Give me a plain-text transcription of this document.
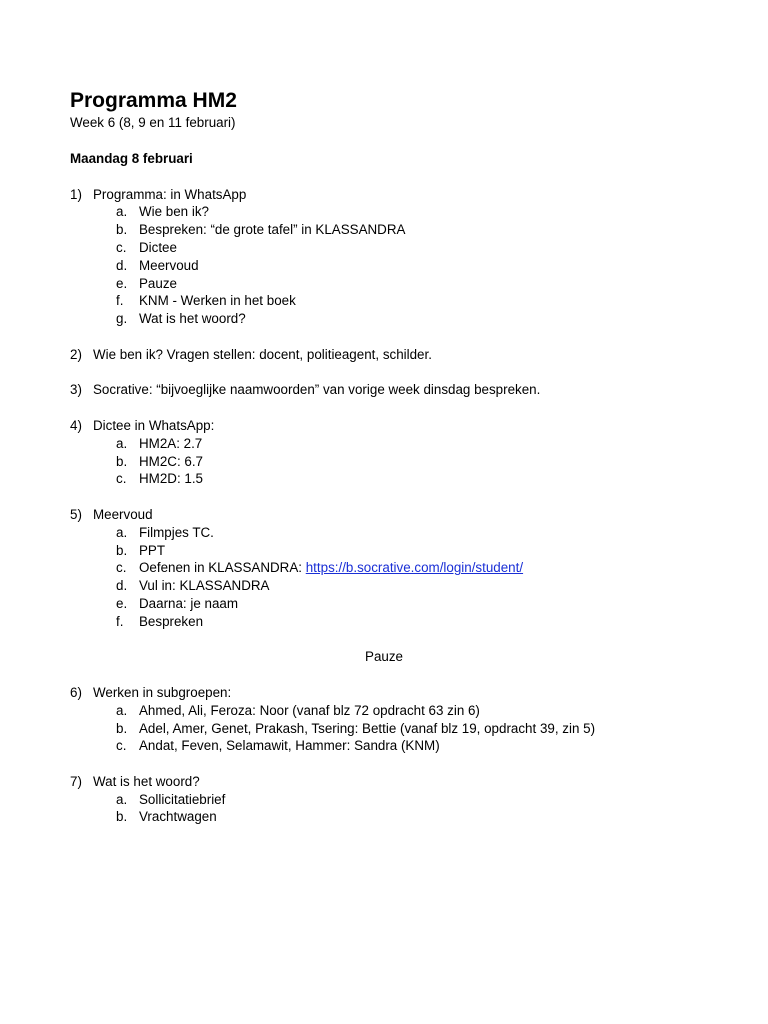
Programma HM2
Week 6 (8, 9 en 11 februari)
Maandag 8 februari
1) Programma: in WhatsApp
a. Wie ben ik?
b. Bespreken: “de grote tafel” in KLASSANDRA
c. Dictee
d. Meervoud
e. Pauze
f. KNM - Werken in het boek
g. Wat is het woord?
2) Wie ben ik? Vragen stellen: docent, politieagent, schilder.
3) Socrative: “bijvoeglijke naamwoorden” van vorige week dinsdag bespreken.
4) Dictee in WhatsApp:
a. HM2A: 2.7
b. HM2C: 6.7
c. HM2D: 1.5
5) Meervoud
a. Filmpjes TC.
b. PPT
c. Oefenen in KLASSANDRA: https://b.socrative.com/login/student/
d. Vul in: KLASSANDRA
e. Daarna: je naam
f. Bespreken
Pauze
6) Werken in subgroepen:
a. Ahmed, Ali, Feroza: Noor (vanaf blz 72 opdracht 63 zin 6)
b. Adel, Amer, Genet, Prakash, Tsering: Bettie (vanaf blz 19, opdracht 39, zin 5)
c. Andat, Feven, Selamawit, Hammer: Sandra (KNM)
7) Wat is het woord?
a. Sollicitatiebrief
b. Vrachtwagen
